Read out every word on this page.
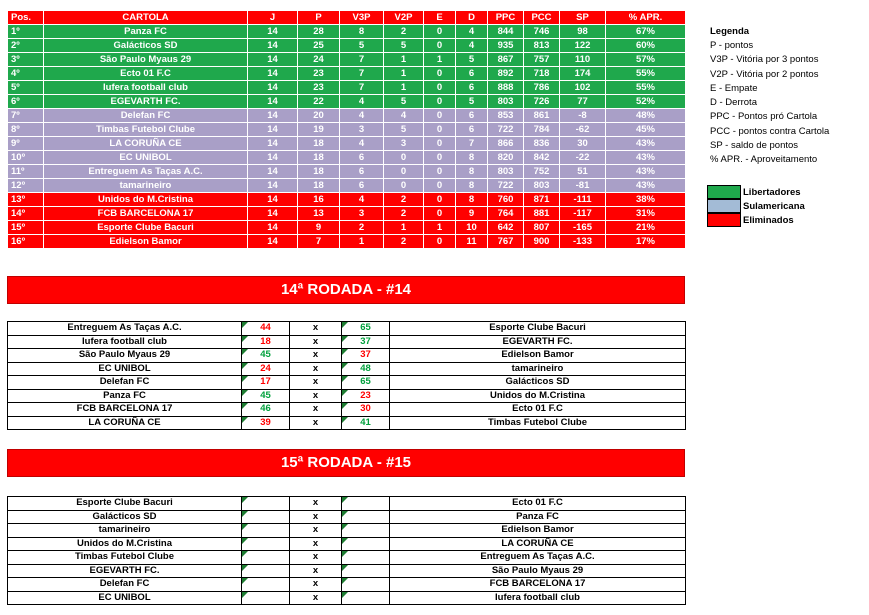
Pos.	CARTOLA	J	P	V3P	V2P	E	D	PPC	PCC	SP	% APR.
1º	Panza FC	14	28	8	2	0	4	844	746	98	67%
2º	Galácticos SD	14	25	5	5	0	4	935	813	122	60%
3º	São Paulo Myaus 29	14	24	7	1	1	5	867	757	110	57%
4º	Ecto 01 F.C	14	23	7	1	0	6	892	718	174	55%
5º	Iufera football club	14	23	7	1	0	6	888	786	102	55%
6º	EGEVARTH FC.	14	22	4	5	0	5	803	726	77	52%
7º	Delefan FC	14	20	4	4	0	6	853	861	-8	48%
8º	Timbas Futebol Clube	14	19	3	5	0	6	722	784	-62	45%
9º	LA CORUÑA CE	14	18	4	3	0	7	866	836	30	43%
10º	EC UNIBOL	14	18	6	0	0	8	820	842	-22	43%
11º	Entreguem As Taças A.C.	14	18	6	0	0	8	803	752	51	43%
12º	tamarineiro	14	18	6	0	0	8	722	803	-81	43%
13º	Unidos do M.Cristina	14	16	4	2	0	8	760	871	-111	38%
14º	FCB BARCELONA 17	14	13	3	2	0	9	764	881	-117	31%
15º	Esporte Clube Bacuri	14	9	2	1	1	10	642	807	-165	21%
16º	Edielson Bamor	14	7	1	2	0	11	767	900	-133	17%
Legenda
P - pontos
V3P - Vitória por 3 pontos
V2P - Vitória por 2 pontos
E - Empate
D - Derrota
PPC - Pontos pró Cartola
PCC - pontos contra Cartola
SP - saldo de pontos
% APR. - Aproveitamento
Libertadores
Sulamericana
Eliminados
14ª RODADA - #14
Entreguem As Taças A.C.	44	x	65	Esporte Clube Bacuri
Iufera football club	18	x	37	EGEVARTH FC.
São Paulo Myaus 29	45	x	37	Edielson Bamor
EC UNIBOL	24	x	48	tamarineiro
Delefan FC	17	x	65	Galácticos SD
Panza FC	45	x	23	Unidos do M.Cristina
FCB BARCELONA 17	46	x	30	Ecto 01 F.C
LA CORUÑA CE	39	x	41	Timbas Futebol Clube
15ª RODADA - #15
Esporte Clube Bacuri		x		Ecto 01 F.C
Galácticos SD		x		Panza FC
tamarineiro		x		Edielson Bamor
Unidos do M.Cristina		x		LA CORUÑA CE
Timbas Futebol Clube		x		Entreguem As Taças A.C.
EGEVARTH FC.		x		São Paulo Myaus 29
Delefan FC		x		FCB BARCELONA 17
EC UNIBOL		x		Iufera football club
